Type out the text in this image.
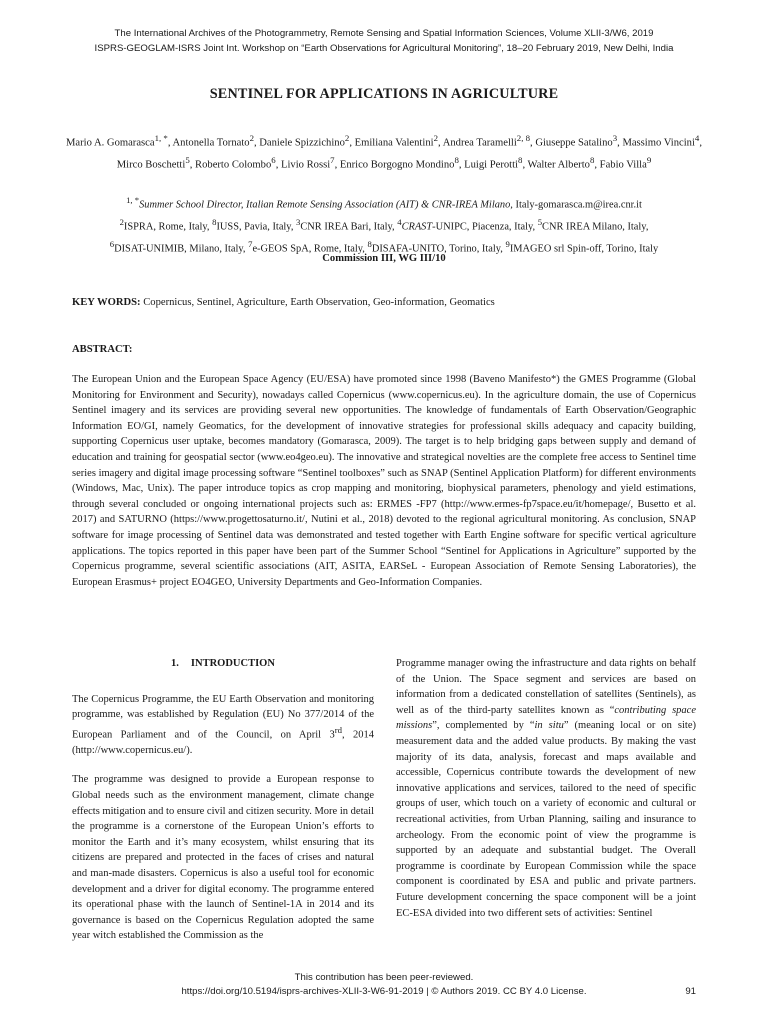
The International Archives of the Photogrammetry, Remote Sensing and Spatial Information Sciences, Volume XLII-3/W6, 2019
ISPRS-GEOGLAM-ISRS Joint Int. Workshop on “Earth Observations for Agricultural Monitoring”, 18–20 February 2019, New Delhi, India
SENTINEL FOR APPLICATIONS IN AGRICULTURE
Mario A. Gomarasca$^{1, *}$, Antonella Tornato$^2$, Daniele Spizzichino$^2$, Emiliana Valentini$^2$, Andrea Taramelli$^{2, 8}$, Giuseppe Satalino$^3$, Massimo Vincini$^4$, Mirco Boschetti$^5$, Roberto Colombo$^6$, Livio Rossi$^7$, Enrico Borgogno Mondino$^8$, Luigi Perotti$^8$, Walter Alberto$^8$, Fabio Villa$^9$
$^{1, *}$Summer School Director, Italian Remote Sensing Association (AIT) & CNR-IREA Milano, Italy-gomarasca.m@irea.cnr.it
$^2$ISPRA, Rome, Italy, $^8$IUSS, Pavia, Italy, $^3$CNR IREA Bari, Italy, $^4$CRAST-UNIPC, Piacenza, Italy, $^5$CNR IREA Milano, Italy,
$^6$DISAT-UNIMIB, Milano, Italy, $^7$e-GEOS SpA, Rome, Italy, $^8$DISAFA-UNITO, Torino, Italy, $^9$IMAGEO srl Spin-off, Torino, Italy
Commission III, WG III/10
KEY WORDS: Copernicus, Sentinel, Agriculture, Earth Observation, Geo-information, Geomatics
ABSTRACT:
The European Union and the European Space Agency (EU/ESA) have promoted since 1998 (Baveno Manifesto*) the GMES Programme (Global Monitoring for Environment and Security), nowadays called Copernicus (www.copernicus.eu). In the agriculture domain, the use of Copernicus Sentinel imagery and its services are providing several new opportunities. The knowledge of fundamentals of Earth Observation/Geographic Information EO/GI, namely Geomatics, for the development of innovative strategies for professional skills adequacy and capacity building, supporting Copernicus user uptake, becomes mandatory (Gomarasca, 2009). The target is to help bridging gaps between supply and demand of education and training for geospatial sector (www.eo4geo.eu). The innovative and strategical novelties are the complete free access to Sentinel time series imagery and digital image processing software “Sentinel toolboxes” such as SNAP (Sentinel Application Platform) for different environments (Windows, Mac, Unix). The paper introduce topics as crop mapping and monitoring, biophysical parameters, phenology and yield estimations, through several concluded or ongoing international projects such as: ERMES -FP7 (http://www.ermes-fp7space.eu/it/homepage/, Busetto et al. 2017) and SATURNO (https://www.progettosaturno.it/, Nutini et al., 2018) devoted to the regional agricultural monitoring. As conclusion, SNAP software for image processing of Sentinel data was demonstrated and tested together with Earth Engine software for specific vertical agriculture applications. The topics reported in this paper have been part of the Summer School “Sentinel for Applications in Agriculture” supported by the Copernicus programme, several scientific associations (AIT, ASITA, EARSeL - European Association of Remote Sensing Laboratories), the European Erasmus+ project EO4GEO, University Departments and Geo-Information Companies.
1. INTRODUCTION

The Copernicus Programme, the EU Earth Observation and monitoring programme, was established by Regulation (EU) No 377/2014 of the European Parliament and of the Council, on April 3rd, 2014 (http://www.copernicus.eu/).

The programme was designed to provide a European response to Global needs such as the environment management, climate change effects mitigation and to ensure civil and citizen security. More in detail the programme is a cornerstone of the European Union’s efforts to monitor the Earth and it’s many ecosystem, whilst ensuring that its citizens are prepared and protected in the faces of crises and natural and man-made disasters. Copernicus is also a useful tool for economic development and a driver for digital economy. The programme entered its operational phase with the launch of Sentinel-1A in 2014 and its governance is based on the Copernicus Regulation adopted the same year witch established the Commission as the

Programme manager owing the infrastructure and data rights on behalf of the Union. The Space segment and services are based on information from a dedicated constellation of satellites (Sentinels), as well as of the third-party satellites known as “contributing space missions”, complemented by “in situ” (meaning local or on site) measurement data and the added value products. By making the vast majority of its data, analysis, forecast and maps available and accessible, Copernicus contribute towards the development of new innovative applications and services, tailored to the need of specific groups of user, which touch on a variety of economic and cultural or recreational activities, from Urban Planning, sailing and insurance to archeology. From the economic point of view the programme is supported by an adequate and substantial budget. The Overall programme is coordinate by European Commission while the space component is coordinated by ESA and public and private partners. Future development concerning the space component will be a joint EC-ESA divided into two different sets of activities: Sentinel

This contribution has been peer-reviewed.
https://doi.org/10.5194/isprs-archives-XLII-3-W6-91-2019 | © Authors 2019. CC BY 4.0 License.	91
